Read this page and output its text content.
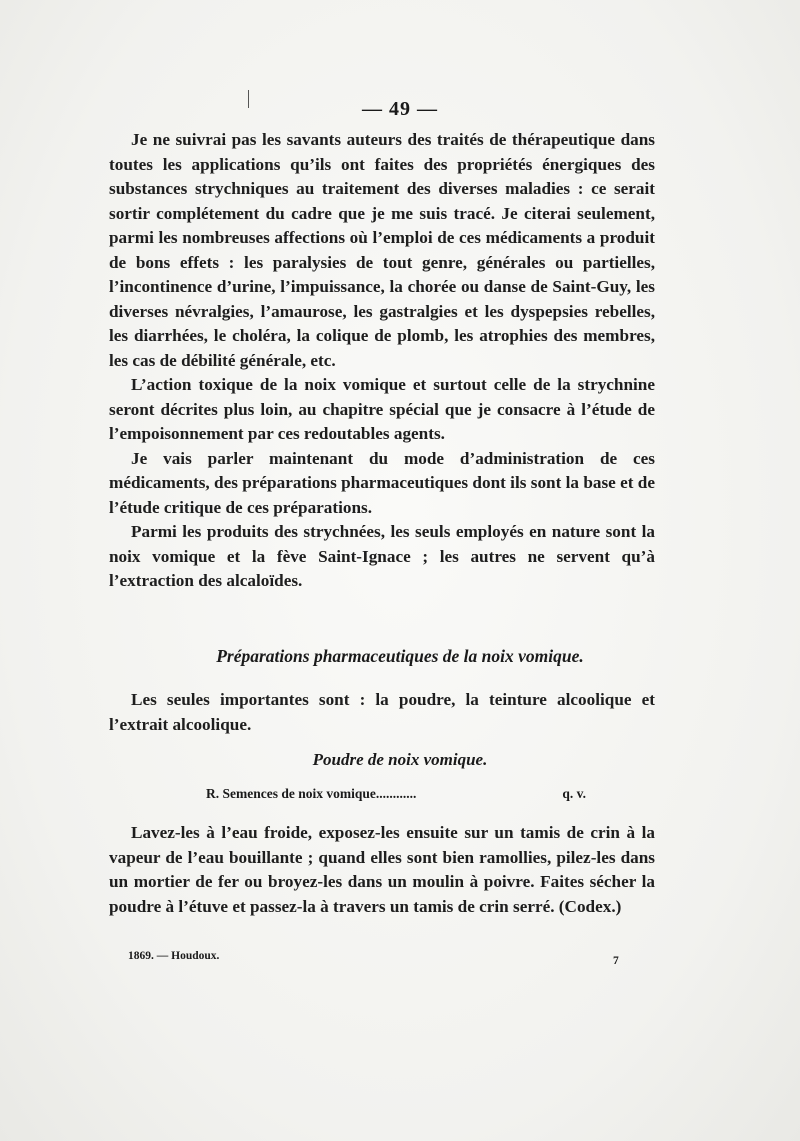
— 49 —

Je ne suivrai pas les savants auteurs des traités de thérapeutique dans toutes les applications qu’ils ont faites des propriétés énergiques des substances strychniques au traitement des diverses maladies : ce serait sortir complétement du cadre que je me suis tracé. Je citerai seulement, parmi les nombreuses affections où l’emploi de ces médicaments a produit de bons effets : les paralysies de tout genre, générales ou partielles, l’incontinence d’urine, l’impuissance, la chorée ou danse de Saint-Guy, les diverses névralgies, l’amaurose, les gastralgies et les dyspepsies rebelles, les diarrhées, le choléra, la colique de plomb, les atrophies des membres, les cas de débilité générale, etc.

L’action toxique de la noix vomique et surtout celle de la strychnine seront décrites plus loin, au chapitre spécial que je consacre à l’étude de l’empoisonnement par ces redoutables agents.

Je vais parler maintenant du mode d’administration de ces médicaments, des préparations pharmaceutiques dont ils sont la base et de l’étude critique de ces préparations.

Parmi les produits des strychnées, les seuls employés en nature sont la noix vomique et la fève Saint-Ignace ; les autres ne servent qu’à l’extraction des alcaloïdes.

Préparations pharmaceutiques de la noix vomique.

Les seules importantes sont : la poudre, la teinture alcoolique et l’extrait alcoolique.

Poudre de noix vomique.
R. Semences de noix vomique............	q. v.

Lavez-les à l’eau froide, exposez-les ensuite sur un tamis de crin à la vapeur de l’eau bouillante ; quand elles sont bien ramollies, pilez-les dans un mortier de fer ou broyez-les dans un moulin à poivre. Faites sécher la poudre à l’étuve et passez-la à travers un tamis de crin serré. (Codex.)

1869. — Houdoux.	7
